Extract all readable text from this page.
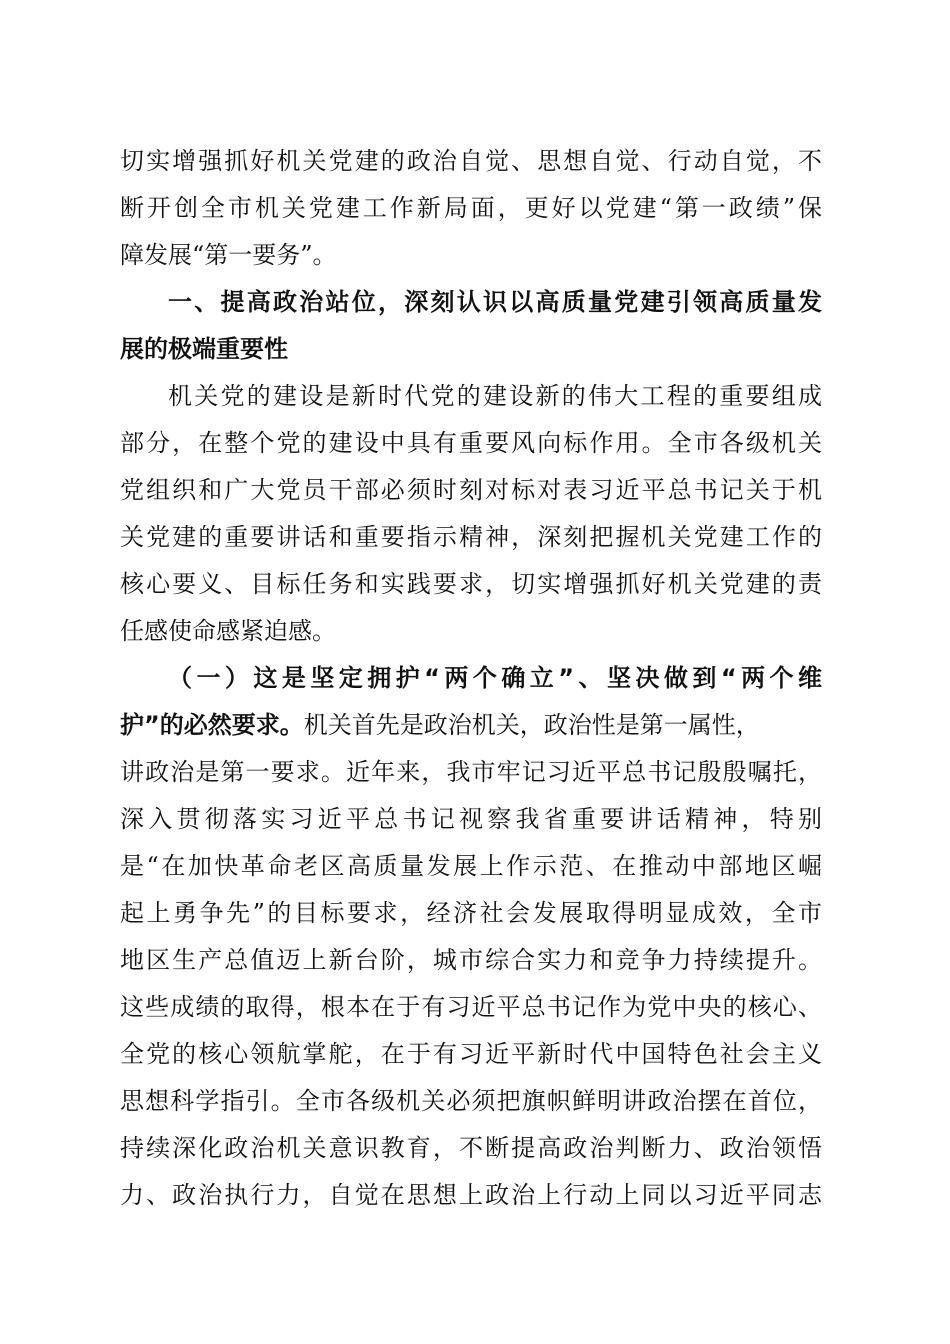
切实增强抓好机关党建的政治自觉、思想自觉、行动自觉，不
断开创全市机关党建工作新局面，更好以党建“第一政绩”保
障发展“第一要务”。
一、提高政治站位，深刻认识以高质量党建引领高质量发
展的极端重要性
机关党的建设是新时代党的建设新的伟大工程的重要组成
部分，在整个党的建设中具有重要风向标作用。全市各级机关
党组织和广大党员干部必须时刻对标对表习近平总书记关于机
关党建的重要讲话和重要指示精神，深刻把握机关党建工作的
核心要义、目标任务和实践要求，切实增强抓好机关党建的责
任感使命感紧迫感。
（一）这是坚定拥护“两个确立”、坚决做到“两个维
护”的必然要求。机关首先是政治机关，政治性是第一属性，
讲政治是第一要求。近年来，我市牢记习近平总书记殷殷嘱托，
深入贯彻落实习近平总书记视察我省重要讲话精神，特别
是“在加快革命老区高质量发展上作示范、在推动中部地区崛
起上勇争先”的目标要求，经济社会发展取得明显成效，全市
地区生产总值迈上新台阶，城市综合实力和竞争力持续提升。
这些成绩的取得，根本在于有习近平总书记作为党中央的核心、
全党的核心领航掌舵，在于有习近平新时代中国特色社会主义
思想科学指引。全市各级机关必须把旗帜鲜明讲政治摆在首位，
持续深化政治机关意识教育，不断提高政治判断力、政治领悟
力、政治执行力，自觉在思想上政治上行动上同以习近平同志
